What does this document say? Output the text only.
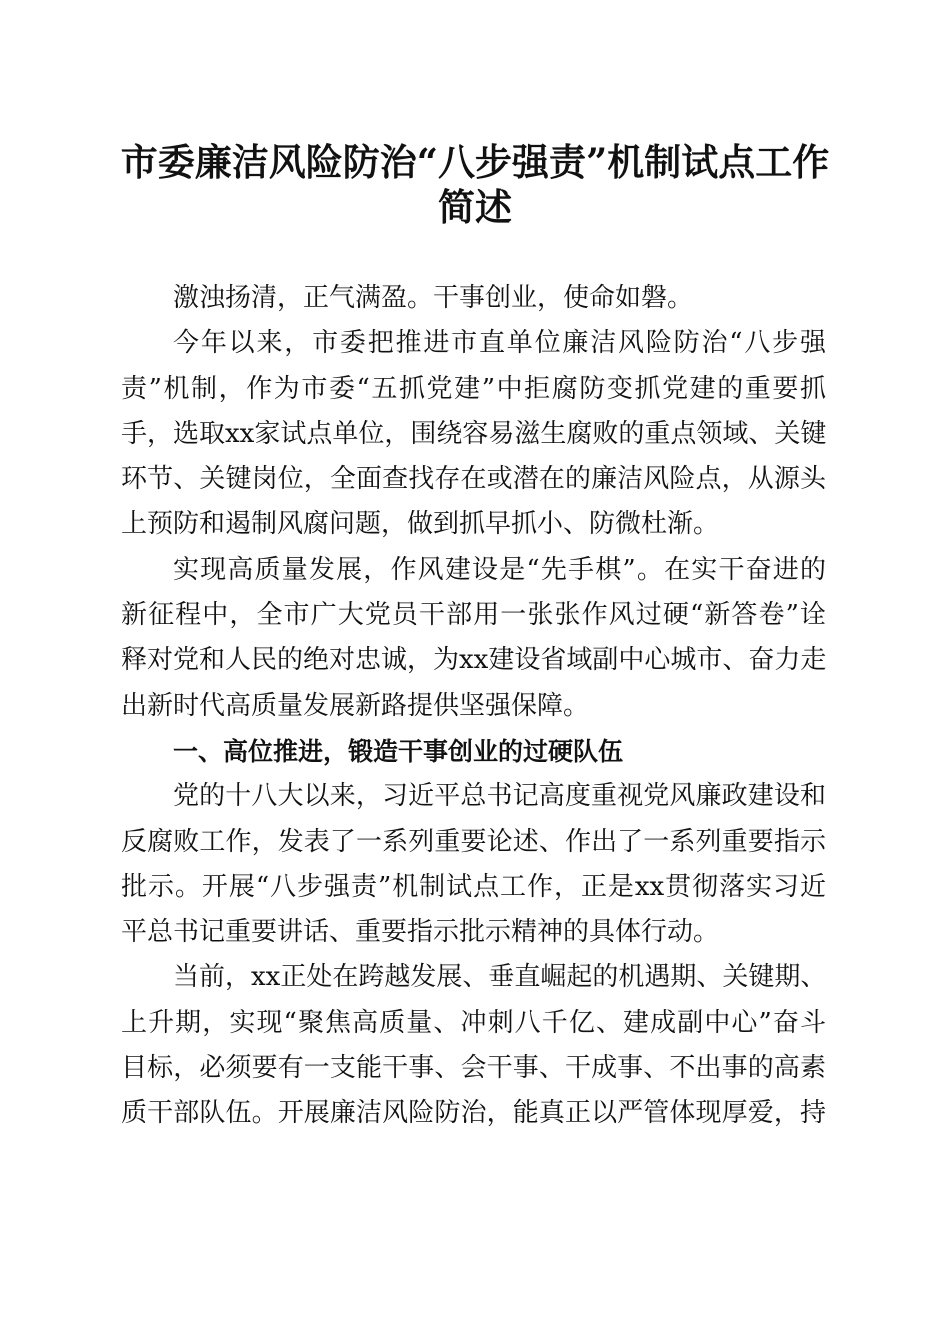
市委廉洁风险防治“八步强责”机制试点工作
简述
激浊扬清，正气满盈。干事创业，使命如磐。
今年以来，市委把推进市直单位廉洁风险防治“八步强
责”机制，作为市委“五抓党建”中拒腐防变抓党建的重要抓
手，选取xx家试点单位，围绕容易滋生腐败的重点领域、关键
环节、关键岗位，全面查找存在或潜在的廉洁风险点，从源头
上预防和遏制风腐问题，做到抓早抓小、防微杜渐。
实现高质量发展，作风建设是“先手棋”。在实干奋进的
新征程中，全市广大党员干部用一张张作风过硬“新答卷”诠
释对党和人民的绝对忠诚，为xx建设省域副中心城市、奋力走
出新时代高质量发展新路提供坚强保障。
一、高位推进，锻造干事创业的过硬队伍
党的十八大以来，习近平总书记高度重视党风廉政建设和
反腐败工作，发表了一系列重要论述、作出了一系列重要指示
批示。开展“八步强责”机制试点工作，正是xx贯彻落实习近
平总书记重要讲话、重要指示批示精神的具体行动。
当前，xx正处在跨越发展、垂直崛起的机遇期、关键期、
上升期，实现“聚焦高质量、冲刺八千亿、建成副中心”奋斗
目标，必须要有一支能干事、会干事、干成事、不出事的高素
质干部队伍。开展廉洁风险防治，能真正以严管体现厚爱，持
